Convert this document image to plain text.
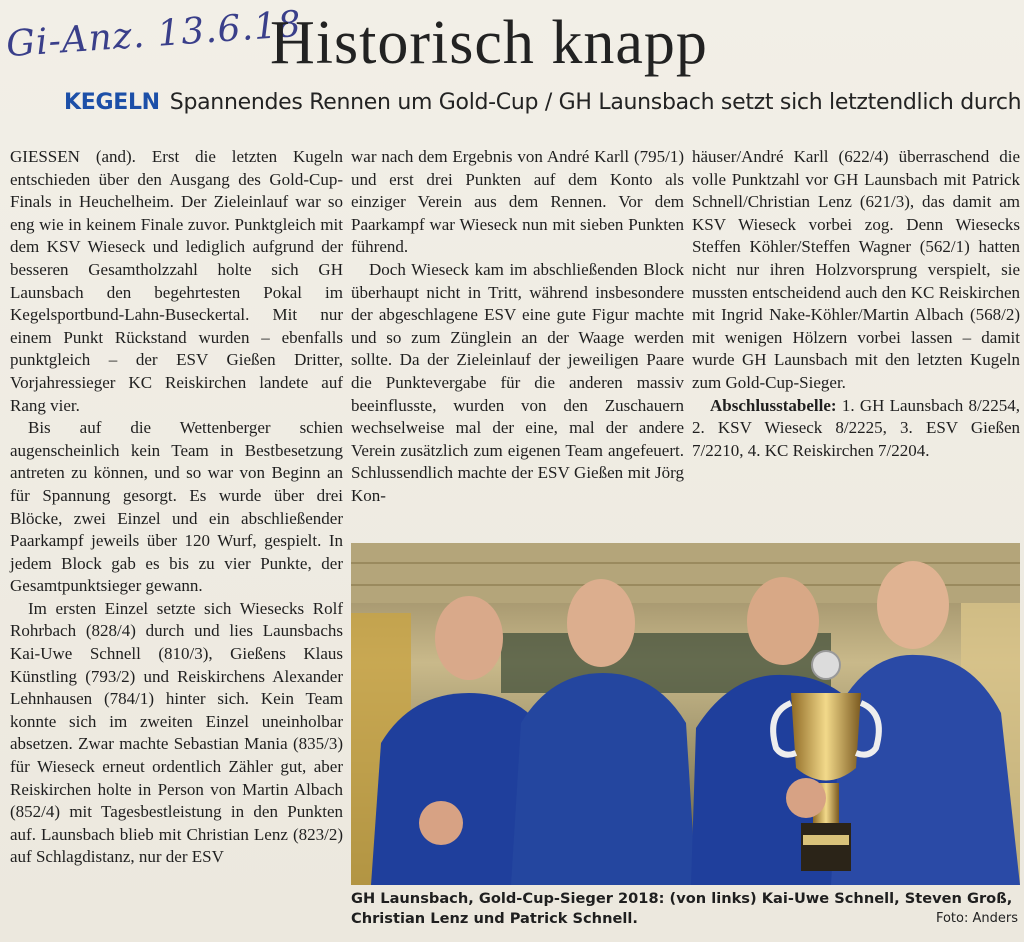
Gi-Anz. 13.6.18
Historisch knapp
KEGELN Spannendes Rennen um Gold-Cup / GH Launsbach setzt sich letztendlich durch

GIESSEN (and). Erst die letzten Kugeln entschieden über den Ausgang des Gold-Cup-Finals in Heuchelheim. Der Zieleinlauf war so eng wie in keinem Finale zuvor. Punktgleich mit dem KSV Wieseck und lediglich aufgrund der besseren Gesamtholzzahl holte sich GH Launsbach den begehrtesten Pokal im Kegelsportbund-Lahn-Buseckertal. Mit nur einem Punkt Rückstand wurden – ebenfalls punktgleich – der ESV Gießen Dritter, Vorjahressieger KC Reiskirchen landete auf Rang vier.

Bis auf die Wettenberger schien augenscheinlich kein Team in Bestbesetzung antreten zu können, und so war von Beginn an für Spannung gesorgt. Es wurde über drei Blöcke, zwei Einzel und ein abschließender Paarkampf jeweils über 120 Wurf, gespielt. In jedem Block gab es bis zu vier Punkte, der Gesamtpunktsieger gewann.

Im ersten Einzel setzte sich Wiesecks Rolf Rohrbach (828/4) durch und lies Launsbachs Kai-Uwe Schnell (810/3), Gießens Klaus Künstling (793/2) und Reiskirchens Alexander Lehnhausen (784/1) hinter sich. Kein Team konnte sich im zweiten Einzel uneinholbar absetzen. Zwar machte Sebastian Mania (835/3) für Wieseck erneut ordentlich Zähler gut, aber Reiskirchen holte in Person von Martin Albach (852/4) mit Tagesbestleistung in den Punkten auf. Launsbach blieb mit Christian Lenz (823/2) auf Schlagdistanz, nur der ESV

war nach dem Ergebnis von André Karll (795/1) und erst drei Punkten auf dem Konto als einziger Verein aus dem Rennen. Vor dem Paarkampf war Wieseck nun mit sieben Punkten führend.

Doch Wieseck kam im abschließenden Block überhaupt nicht in Tritt, während insbesondere der abgeschlagene ESV eine gute Figur machte und so zum Zünglein an der Waage werden sollte. Da der Zieleinlauf der jeweiligen Paare die Punktevergabe für die anderen massiv beeinflusste, wurden von den Zuschauern wechselweise mal der eine, mal der andere Verein zusätzlich zum eigenen Team angefeuert. Schlussendlich machte der ESV Gießen mit Jörg Kon-

häuser/André Karll (622/4) überraschend die volle Punktzahl vor GH Launsbach mit Patrick Schnell/Christian Lenz (621/3), das damit am KSV Wieseck vorbei zog. Denn Wiesecks Steffen Köhler/Steffen Wagner (562/1) hatten nicht nur ihren Holzvorsprung verspielt, sie mussten entscheidend auch den KC Reiskirchen mit Ingrid Nake-Köhler/Martin Albach (568/2) mit wenigen Hölzern vorbei lassen – damit wurde GH Launsbach mit den letzten Kugeln zum Gold-Cup-Sieger.

Abschlusstabelle: 1. GH Launsbach 8/2254, 2. KSV Wieseck 8/2225, 3. ESV Gießen 7/2210, 4. KC Reiskirchen 7/2204.

GH Launsbach, Gold-Cup-Sieger 2018: (von links) Kai-Uwe Schnell, Steven Groß, Christian Lenz und Patrick Schnell.	Foto: Anders
